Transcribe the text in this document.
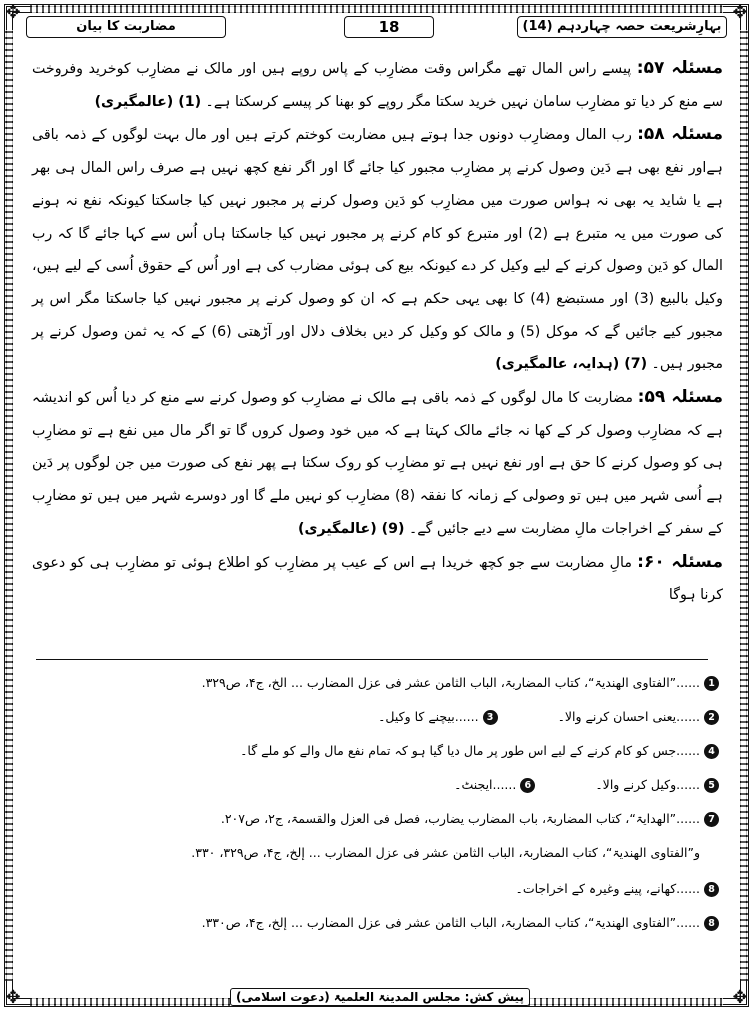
✥	✥
✥	✥
بہارِشریعت حصہ چہاردہم (14)
18
مضاربت کا بیان

مسئلہ ۵۷: پیسے راس المال تھے مگراس وقت مضارِب کے پاس روپے ہیں اور مالک نے مضارِب کوخرید وفروخت سے منع کر دیا تو مضارِب سامان نہیں خرید سکتا مگر روپے کو بھنا کر پیسے کرسکتا ہے۔ (1) (عالمگیری)

مسئلہ ۵۸: رب المال ومضارِب دونوں جدا ہوتے ہیں مضاربت کوختم کرتے ہیں اور مال بہت لوگوں کے ذمہ باقی ہےاور نفع بھی ہے دَین وصول کرنے پر مضارِب مجبور کیا جائے گا اور اگر نفع کچھ نہیں ہے صرف راس المال ہی بھر ہے یا شاید یہ بھی نہ ہواس صورت میں مضارِب کو دَین وصول کرنے پر مجبور نہیں کیا جاسکتا کیونکہ نفع نہ ہونے کی صورت میں یہ متبرع ہے (2) اور متبرع کو کام کرنے پر مجبور نہیں کیا جاسکتا ہاں اُس سے کہا جائے گا کہ رب المال کو دَین وصول کرنے کے لیے وکیل کر دے کیونکہ بیع کی ہوئی مضارب کی ہے اور اُس کے حقوق اُسی کے لیے ہیں، وکیل بالبیع (3) اور مستبضع (4) کا بھی یہی حکم ہے کہ ان کو وصول کرنے پر مجبور نہیں کیا جاسکتا مگر اس پر مجبور کیے جائیں گے کہ موکل (5) و مالک کو وکیل کر دیں بخلاف دلال اور آڑھتی (6) کے کہ یہ ثمن وصول کرنے پر مجبور ہیں۔ (7) (ہدایہ، عالمگیری)

مسئلہ ۵۹: مضاربت کا مال لوگوں کے ذمہ باقی ہے مالک نے مضارِب کو وصول کرنے سے منع کر دیا اُس کو اندیشہ ہے کہ مضارِب وصول کر کے کھا نہ جائے مالک کہتا ہے کہ میں خود وصول کروں گا تو اگر مال میں نفع ہے تو مضارِب ہی کو وصول کرنے کا حق ہے اور نفع نہیں ہے تو مضارِب کو روک سکتا ہے پھر نفع کی صورت میں جن لوگوں پر دَین ہے اُسی شہر میں ہیں تو وصولی کے زمانہ کا نفقہ (8) مضارِب کو نہیں ملے گا اور دوسرے شہر میں ہیں تو مضارِب کے سفر کے اخراجات مالِ مضاربت سے دیے جائیں گے۔ (9) (عالمگیری)

مسئلہ ۶۰: مالِ مضاربت سے جو کچھ خریدا ہے اس کے عیب پر مضارِب کو اطلاع ہوئی تو مضارِب ہی کو دعوی کرنا ہوگا

1......”الفتاوی الھندیۃ“، کتاب المضاربۃ، الباب الثامن عشر فی عزل المضارب ... الخ، ج۴، ص۳۲۹.
2......یعنی احسان کرنے والا۔3......بیچنے کا وکیل۔
4......جس کو کام کرنے کے لیے اس طور پر مال دیا گیا ہو کہ تمام نفع مال والے کو ملے گا۔
5......وکیل کرنے والا۔6......ایجنٹ۔
7......”الھدایۃ“، کتاب المضاربۃ، باب المضارب یضارب، فصل فی العزل والقسمۃ، ج۲، ص۲۰۷.
و”الفتاوی الھندیۃ“، کتاب المضاربۃ، الباب الثامن عشر فی عزل المضارب ... إلخ، ج۴، ص۳۲۹، ۳۳۰.
8......کھانے، پینے وغیرہ کے اخراجات۔
8......”الفتاوی الھندیۃ“، کتاب المضاربۃ، الباب الثامن عشر فی عزل المضارب ... إلخ، ج۴، ص۳۳۰.
پیش کش: مجلس المدینۃ العلمیۃ (دعوت اسلامی)
